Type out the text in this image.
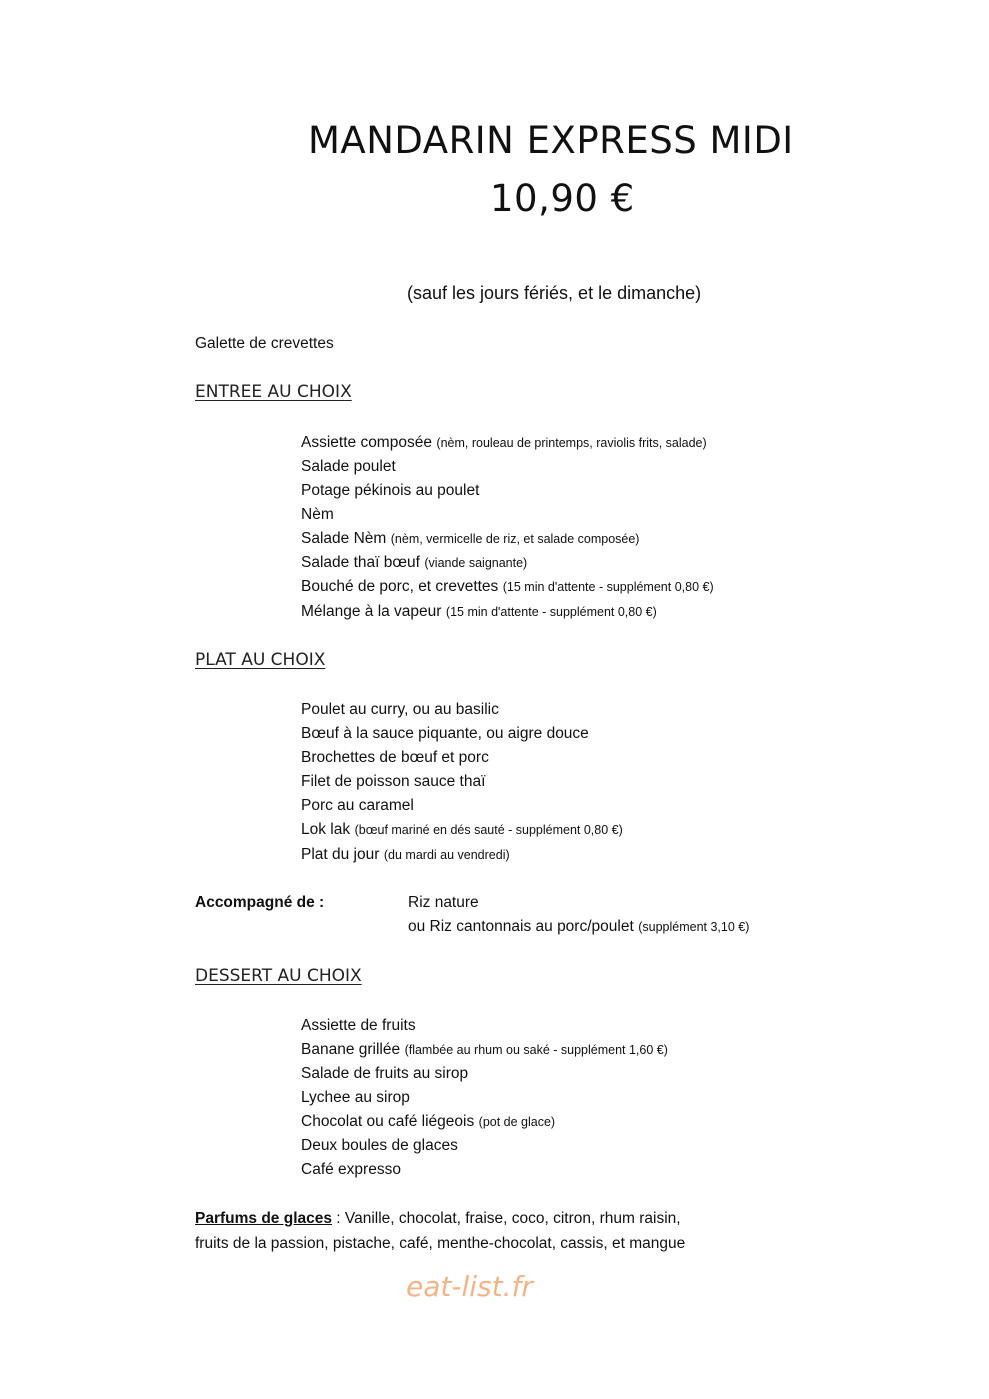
MANDARIN EXPRESS MIDI
10,90 €
(sauf les jours fériés, et le dimanche)
Galette de crevettes
ENTREE AU CHOIX
Assiette composée (nèm, rouleau de printemps, raviolis frits, salade)
Salade poulet
Potage pékinois au poulet
Nèm
Salade Nèm (nèm, vermicelle de riz, et salade composée)
Salade thaï bœuf (viande saignante)
Bouché de porc, et crevettes (15 min d'attente - supplément 0,80 €)
Mélange à la vapeur (15 min d'attente - supplément 0,80 €)
PLAT AU CHOIX
Poulet au curry, ou au basilic
Bœuf à la sauce piquante, ou aigre douce
Brochettes de bœuf et porc
Filet de poisson sauce thaï
Porc au caramel
Lok lak (bœuf mariné en dés sauté - supplément 0,80 €)
Plat du jour (du mardi au vendredi)
Accompagné de :	Riz nature
ou Riz cantonnais au porc/poulet (supplément 3,10 €)
DESSERT AU CHOIX
Assiette de fruits
Banane grillée (flambée au rhum ou saké - supplément 1,60 €)
Salade de fruits au sirop
Lychee au sirop
Chocolat ou café liégeois (pot de glace)
Deux boules de glaces
Café expresso
Parfums de glaces : Vanille, chocolat, fraise, coco, citron, rhum raisin,
fruits de la passion, pistache, café, menthe-chocolat, cassis, et mangue
eat-list.fr
